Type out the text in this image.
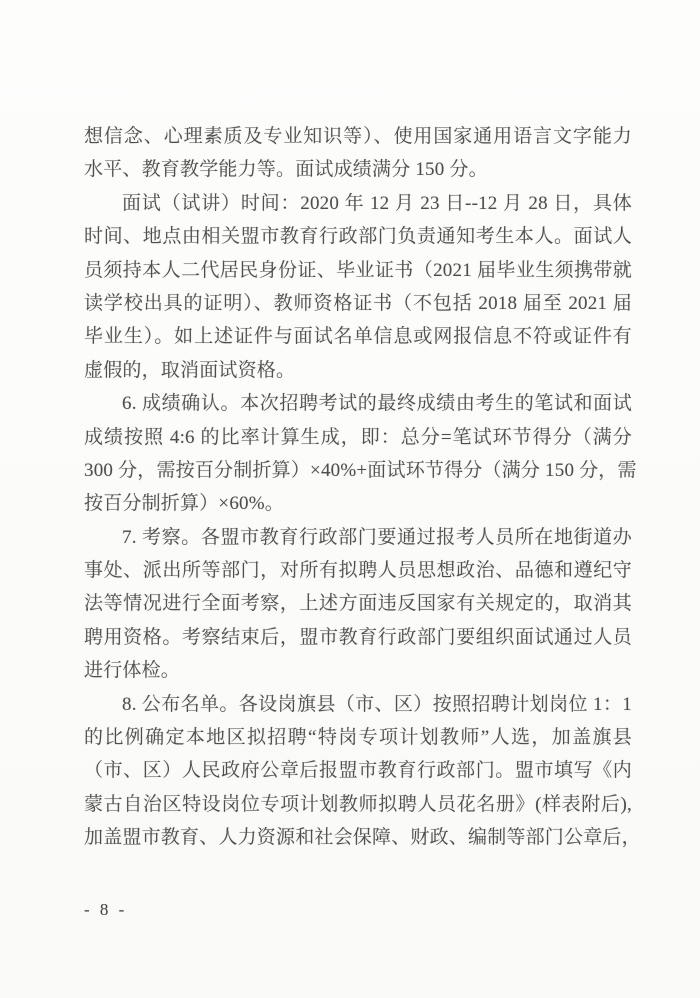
想信念、心理素质及专业知识等）、使用国家通用语言文字能力
水平、教育教学能力等。面试成绩满分 150 分。
面试（试讲）时间：2020 年 12 月 23 日--12 月 28 日，具体
时间、地点由相关盟市教育行政部门负责通知考生本人。面试人
员须持本人二代居民身份证、毕业证书（2021 届毕业生须携带就
读学校出具的证明）、教师资格证书（不包括 2018 届至 2021 届
毕业生）。如上述证件与面试名单信息或网报信息不符或证件有
虚假的，取消面试资格。
6. 成绩确认。本次招聘考试的最终成绩由考生的笔试和面试
成绩按照 4:6 的比率计算生成，即：总分=笔试环节得分（满分
300 分，需按百分制折算）×40%+面试环节得分（满分 150 分，需
按百分制折算）×60%。
7. 考察。各盟市教育行政部门要通过报考人员所在地街道办
事处、派出所等部门，对所有拟聘人员思想政治、品德和遵纪守
法等情况进行全面考察，上述方面违反国家有关规定的，取消其
聘用资格。考察结束后，盟市教育行政部门要组织面试通过人员
进行体检。
8. 公布名单。各设岗旗县（市、区）按照招聘计划岗位 1：1
的比例确定本地区拟招聘“特岗专项计划教师”人选，加盖旗县
（市、区）人民政府公章后报盟市教育行政部门。盟市填写《内
蒙古自治区特设岗位专项计划教师拟聘人员花名册》(样表附后),
加盖盟市教育、人力资源和社会保障、财政、编制等部门公章后，
- 8 -
